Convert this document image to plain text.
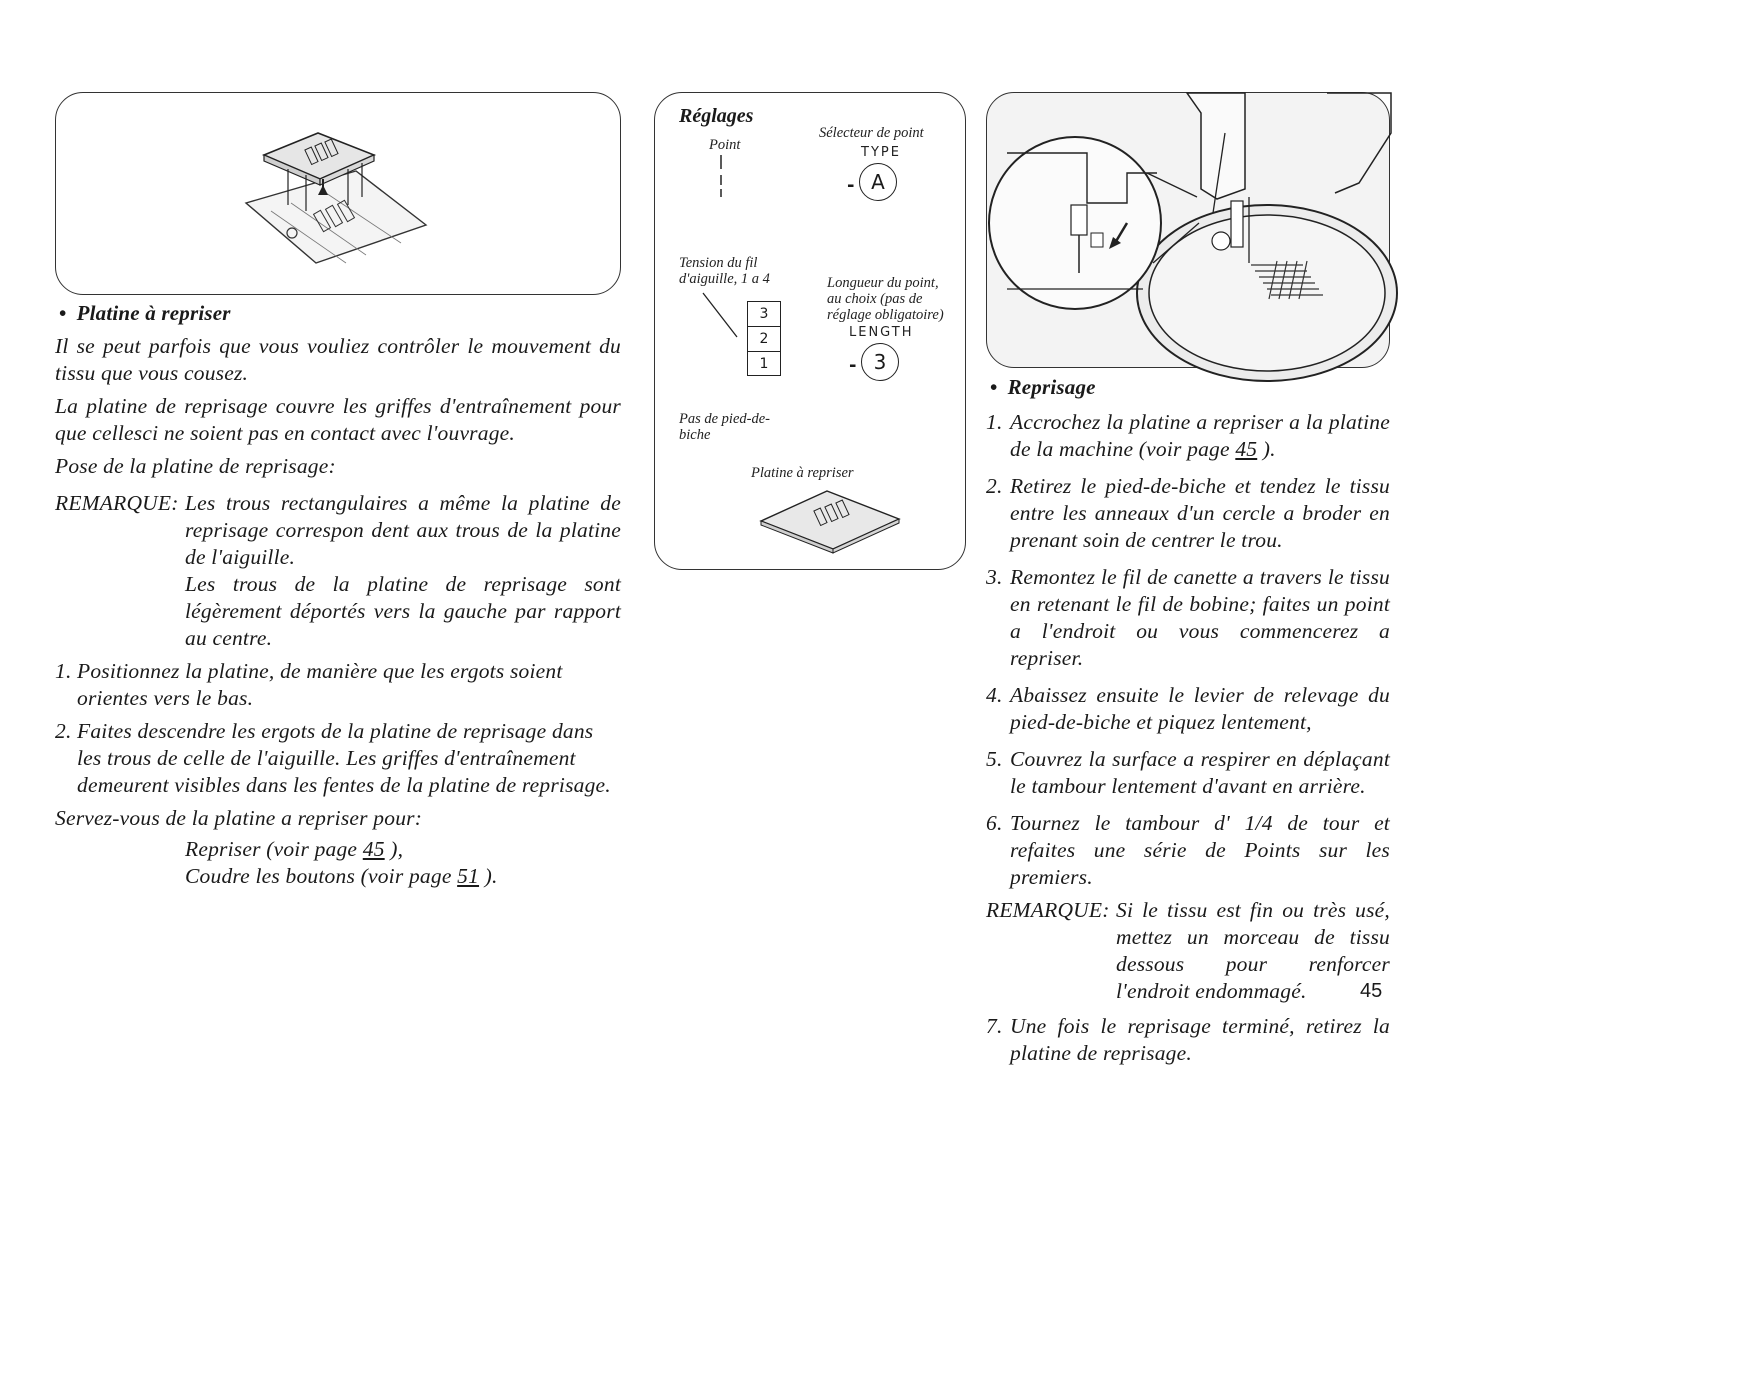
• Platine à repriser
Il se peut parfois que vous vouliez contrôler le mouvement du tissu que vous cousez.
La platine de reprisage couvre les griffes d'entraînement pour que cellesci ne soient pas en contact avec l'ouvrage.
Pose de la platine de reprisage:
REMARQUE: Les trous rectangulaires a même la platine de reprisage correspon dent aux trous de la platine de l'aiguille.
Les trous de la platine de reprisage sont légèrement déportés vers la gauche par rapport au centre.
1. Positionnez la platine, de manière que les ergots soient orientes vers le bas.
2. Faites descendre les ergots de la platine de reprisage dans les trous de celle de l'aiguille. Les griffes d'entraînement demeurent visibles dans les fentes de la platine de reprisage.
Servez-vous de la platine a repriser pour:
Repriser (voir page 45 ),
Coudre les boutons (voir page 51 ).
Réglages
Point
Sélecteur de point
TYPE
- A
Tension du fil d'aiguille, 1 a 4
3
2
1
Longueur du point, au choix (pas de réglage obligatoire)
LENGTH
- 3
Pas de pied-de-biche
Platine à repriser
• Reprisage
1. Accrochez la platine a repriser a la platine de la machine (voir page 45 ).
2. Retirez le pied-de-biche et tendez le tissu entre les anneaux d'un cercle a broder en prenant soin de centrer le trou.
3. Remontez le fil de canette a travers le tissu en retenant le fil de bobine; faites un point a l'endroit ou vous commencerez a repriser.
4. Abaissez ensuite le levier de relevage du pied-de-biche et piquez lentement,
5. Couvrez la surface a respirer en déplaçant le tambour lentement d'avant en arrière.
6. Tournez le tambour d' 1/4 de tour et refaites une série de Points sur les premiers.
REMARQUE: Si le tissu est fin ou très usé, mettez un morceau de tissu dessous pour renforcer l'endroit endommagé.
7. Une fois le reprisage terminé, retirez la platine de reprisage.
45
